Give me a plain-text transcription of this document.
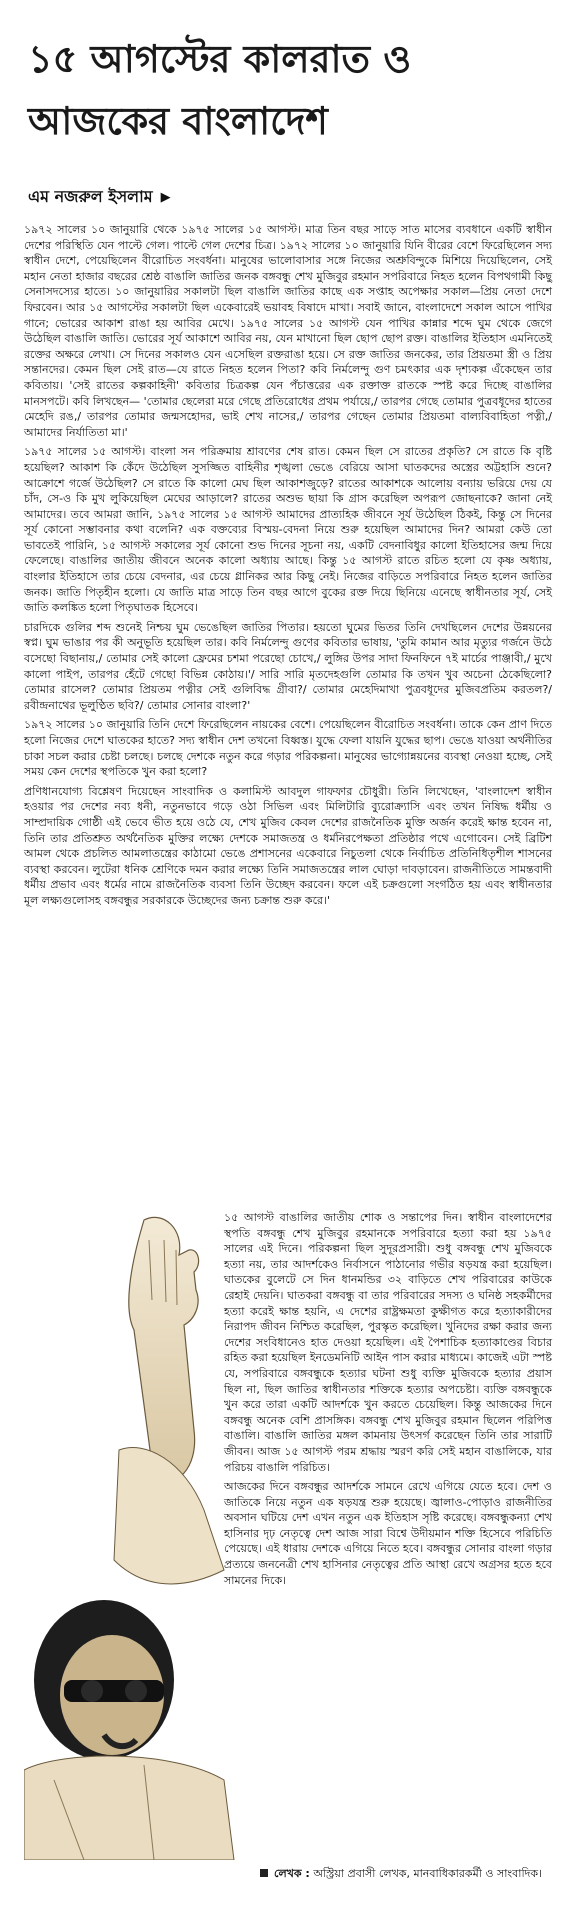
১৫ আগস্টের কালরাত ও আজকের বাংলাদেশ
এম নজরুল ইসলাম ▶

১৯৭২ সালের ১০ জানুয়ারি থেকে ১৯৭৫ সালের ১৫ আগস্ট। মাত্র তিন বছর সাড়ে সাত মাসের ব্যবধানে একটি স্বাধীন দেশের পরিস্থিতি যেন পাল্টে গেল। পাল্টে গেল দেশের চিত্র। ১৯৭২ সালের ১০ জানুয়ারি যিনি বীরের বেশে ফিরেছিলেন সদ্য স্বাধীন দেশে, পেয়েছিলেন বীরোচিত সংবর্ধনা। মানুষের ভালোবাসার সঙ্গে নিজের অশ্রুবিন্দুকে মিশিয়ে দিয়েছিলেন, সেই মহান নেতা হাজার বছরের শ্রেষ্ঠ বাঙালি জাতির জনক বঙ্গবন্ধু শেখ মুজিবুর রহমান সপরিবারে নিহত হলেন বিপথগামী কিছু সেনাসদস্যের হাতে। ১০ জানুয়ারির সকালটা ছিল বাঙালি জাতির কাছে এক সপ্তাহ অপেক্ষার সকাল—প্রিয় নেতা দেশে ফিরবেন। আর ১৫ আগস্টের সকালটা ছিল একেবারেই ভয়াবহ বিষাদে মাখা। সবাই জানে, বাংলাদেশে সকাল আসে পাখির গানে; ভোরের আকাশ রাঙা হয় আবির মেখে। ১৯৭৫ সালের ১৫ আগস্ট যেন পাখির কান্নার শব্দে ঘুম থেকে জেগে উঠেছিল বাঙালি জাতি। ভোরের সূর্য আকাশে আবির নয়, যেন মাখানো ছিল ছোপ ছোপ রক্ত। বাঙালির ইতিহাস এমনিতেই রক্তের অক্ষরে লেখা। সে দিনের সকালও যেন এসেছিল রক্তরাঙা হয়ে। সে রক্ত জাতির জনকের, তার প্রিয়তমা স্ত্রী ও প্রিয় সন্তানদের। কেমন ছিল সেই রাত—যে রাতে নিহত হলেন পিতা? কবি নির্মলেন্দু গুণ চমৎকার এক দৃশ্যকল্প এঁকেছেন তার কবিতায়। 'সেই রাতের কল্পকাহিনী' কবিতার চিত্রকল্প যেন পঁচাত্তরের এক রক্তাক্ত রাতকে স্পষ্ট করে দিচ্ছে বাঙালির মানসপটে। কবি লিখছেন— 'তোমার ছেলেরা মরে গেছে প্রতিরোধের প্রথম পর্যায়ে,/ তারপর গেছে তোমার পুত্রবধূদের হাতের মেহেদি রঙ,/ তারপর তোমার জন্মসহোদর, ভাই শেখ নাসের,/ তারপর গেছেন তোমার প্রিয়তমা বাল্যবিবাহিতা পত্নী,/ আমাদের নির্যাতিতা মা।'

১৯৭৫ সালের ১৫ আগস্ট। বাংলা সন পরিক্রমায় শ্রাবণের শেষ রাত। কেমন ছিল সে রাতের প্রকৃতি? সে রাতে কি বৃষ্টি হয়েছিল? আকাশ কি কেঁদে উঠেছিল সুসজ্জিত বাহিনীর শৃঙ্খলা ভেঙে বেরিয়ে আসা ঘাতকদের অস্ত্রের অট্টহাসি শুনে? আক্রোশে গর্জে উঠেছিল? সে রাতে কি কালো মেঘ ছিল আকাশজুড়ে? রাতের আকাশকে আলোয় বন্যায় ভরিয়ে দেয় যে চাঁদ, সে-ও কি মুখ লুকিয়েছিল মেঘের আড়ালে? রাতের অশুভ ছায়া কি গ্রাস করেছিল অপরূপ জোছনাকে? জানা নেই আমাদের। তবে আমরা জানি, ১৯৭৫ সালের ১৫ আগস্ট আমাদের প্রাত্যহিক জীবনে সূর্য উঠেছিল ঠিকই, কিন্তু সে দিনের সূর্য কোনো সম্ভাবনার কথা বলেনি? এক বক্তব্যের বিস্ময়-বেদনা নিয়ে শুরু হয়েছিল আমাদের দিন? আমরা কেউ তো ভাবতেই পারিনি, ১৫ আগস্ট সকালের সূর্য কোনো শুভ দিনের সূচনা নয়, একটি বেদনাবিধুর কালো ইতিহাসের জন্ম দিয়ে ফেলেছে। বাঙালির জাতীয় জীবনে অনেক কালো অধ্যায় আছে। কিন্তু ১৫ আগস্ট রাতে রচিত হলো যে কৃষ্ণ অধ্যায়, বাংলার ইতিহাসে তার চেয়ে বেদনার, এর চেয়ে গ্লানিকর আর কিছু নেই। নিজের বাড়িতে সপরিবারে নিহত হলেন জাতির জনক। জাতি পিতৃহীন হলো। যে জাতি মাত্র সাড়ে তিন বছর আগে বুকের রক্ত দিয়ে ছিনিয়ে এনেছে স্বাধীনতার সূর্য, সেই জাতি কলঙ্কিত হলো পিতৃঘাতক হিসেবে।

চারদিকে গুলির শব্দ শুনেই নিশ্চয় ঘুম ভেঙেছিল জাতির পিতার। হয়তো ঘুমের ভিতর তিনি দেখছিলেন দেশের উন্নয়নের স্বপ্ন। ঘুম ভাঙার পর কী অনুভূতি হয়েছিল তার। কবি নির্মলেন্দু গুণের কবিতার ভাষায়, 'তুমি কামান আর মৃত্যুর গর্জনে উঠে বসেছো বিছানায়,/ তোমার সেই কালো ফ্রেমের চশমা পরেছো চোখে,/ লুঙ্গির উপর সাদা ফিনফিনে ৭ই মার্চের পাঞ্জাবী,/ মুখে কালো পাইপ, তারপর হেঁটে গেছো বিভিন্ন কোঠায়।'/ সারি সারি মৃতদেহগুলি তোমার কি তখন খুব অচেনা ঠেকেছিলো? তোমার রাসেল? তোমার প্রিয়তম পত্নীর সেই গুলিবিদ্ধ গ্রীবা?/ তোমার মেহেদিমাখা পুত্রবধূদের মুজিবপ্রতিম করতল?/ রবীন্দ্রনাথের ভূলুণ্ঠিত ছবি?/ তোমার সোনার বাংলা?'

১৯৭২ সালের ১০ জানুয়ারি তিনি দেশে ফিরেছিলেন নায়কের বেশে। পেয়েছিলেন বীরোচিত সংবর্ধনা। তাকে কেন প্রাণ দিতে হলো নিজের দেশে ঘাতকের হাতে? সদ্য স্বাধীন দেশ তখনো বিধ্বস্ত। যুদ্ধে ফেলা যায়নি যুদ্ধের ছাপ। ভেঙে যাওয়া অর্থনীতির চাকা সচল করার চেষ্টা চলছে। চলছে দেশকে নতুন করে গড়ার পরিকল্পনা। মানুষের ভাগ্যোন্নয়নের ব্যবস্থা নেওয়া হচ্ছে, সেই সময় কেন দেশের স্থপতিকে খুন করা হলো?

প্রণিধানযোগ্য বিশ্লেষণ দিয়েছেন সাংবাদিক ও কলামিস্ট আবদুল গাফফার চৌধুরী। তিনি লিখেছেন, 'বাংলাদেশ স্বাধীন হওয়ার পর দেশের নব্য ধনী, নতুনভাবে গড়ে ওঠা সিভিল এবং মিলিটারি ব্যুরোক্র্যাসি এবং তখন নিষিদ্ধ ধর্মীয় ও সাম্প্রদায়িক গোষ্ঠী এই ভেবে ভীত হয়ে ওঠে যে, শেখ মুজিব কেবল দেশের রাজনৈতিক মুক্তি অর্জন করেই ক্ষান্ত হবেন না, তিনি তার প্রতিশ্রুত অর্থনৈতিক মুক্তির লক্ষ্যে দেশকে সমাজতন্ত্র ও ধর্মনিরপেক্ষতা প্রতিষ্ঠার পথে এগোবেন। সেই ব্রিটিশ আমল থেকে প্রচলিত আমলাতন্ত্রের কাঠামো ভেঙে প্রশাসনের একেবারে নিচুতলা থেকে নির্বাচিত প্রতিনিধিতৃশীল শাসনের ব্যবস্থা করবেন। লুটেরা ধনিক শ্রেণিকে দমন করার লক্ষ্যে তিনি সমাজতন্ত্রের লাল ঘোড়া দাবড়াবেন। রাজনীতিতে সামন্তবাদী ধর্মীয় প্রভাব এবং ধর্মের নামে রাজনৈতিক ব্যবসা তিনি উচ্ছেদ করবেন। ফলে এই চক্রগুলো সংগঠিত হয় এবং স্বাধীনতার মূল লক্ষ্যগুলোসহ বঙ্গবন্ধুর সরকারকে উচ্ছেদের জন্য চক্রান্ত শুরু করে।'

১৫ আগস্ট বাঙালির জাতীয় শোক ও সন্তাপের দিন। স্বাধীন বাংলাদেশের স্থপতি বঙ্গবন্ধু শেখ মুজিবুর রহমানকে সপরিবারে হত্যা করা হয় ১৯৭৫ সালের এই দিনে। পরিকল্পনা ছিল সুদূরপ্রসারী। শুধু বঙ্গবন্ধু শেখ মুজিবকে হত্যা নয়, তার আদর্শকেও নির্বাসনে পাঠানোর গভীর ষড়যন্ত্র করা হয়েছিল। ঘাতকের বুলেটে সে দিন ধানমন্ডির ৩২ বাড়িতে শেখ পরিবারের কাউকে রেহাই দেয়নি। ঘাতকরা বঙ্গবন্ধু বা তার পরিবারের সদস্য ও ঘনিষ্ঠ সহকর্মীদের হত্যা করেই ক্ষান্ত হয়নি, এ দেশের রাষ্ট্রক্ষমতা কুক্ষীগত করে হত্যাকারীদের নিরাপদ জীবন নিশ্চিত করেছিল, পুরস্কৃত করেছিল। খুনিদের রক্ষা করার জন্য দেশের সংবিধানেও হাত দেওয়া হয়েছিল। এই পৈশাচিক হত্যাকাণ্ডের বিচার রহিত করা হয়েছিল ইনডেমনিটি আইন পাস করার মাধ্যমে। কাজেই এটা স্পষ্ট যে, সপরিবারে বঙ্গবন্ধুকে হত্যার ঘটনা শুধু ব্যক্তি মুজিবকে হত্যার প্রয়াস ছিল না, ছিল জাতির স্বাধীনতার শক্তিকে হত্যার অপচেষ্টা। ব্যক্তি বঙ্গবন্ধুকে খুন করে তারা একটি আদর্শকে খুন করতে চেয়েছিল। কিন্তু আজকের দিনে বঙ্গবন্ধু অনেক বেশি প্রাসঙ্গিক। বঙ্গবন্ধু শেখ মুজিবুর রহমান ছিলেন পরিপিত্ত বাঙালি। বাঙালি জাতির মঙ্গল কামনায় উৎসর্গ করেছেন তিনি তার সারাটি জীবন। আজ ১৫ আগস্ট পরম শ্রদ্ধায় স্মরণ করি সেই মহান বাঙালিকে, যার পরিচয় বাঙালি পরিচিত।

আজকের দিনে বঙ্গবন্ধুর আদর্শকে সামনে রেখে এগিয়ে যেতে হবে। দেশ ও জাতিকে নিয়ে নতুন এক ষড়যন্ত্র শুরু হয়েছে। জ্বালাও-পোড়াও রাজনীতির অবসান ঘটিয়ে দেশ এখন নতুন এক ইতিহাস সৃষ্টি করেছে। বঙ্গবন্ধুকন্যা শেখ হাসিনার দৃঢ় নেতৃত্বে দেশ আজ সারা বিশ্বে উদীয়মান শক্তি হিসেবে পরিচিতি পেয়েছে। এই ধারায় দেশকে এগিয়ে নিতে হবে। বঙ্গবন্ধুর সোনার বাংলা গড়ার প্রত্যয়ে জননেত্রী শেখ হাসিনার নেতৃত্বের প্রতি আস্থা রেখে অগ্রসর হতে হবে সামনের দিকে।

লেখক : অস্ট্রিয়া প্রবাসী লেখক, মানবাধিকারকর্মী ও সাংবাদিক।
